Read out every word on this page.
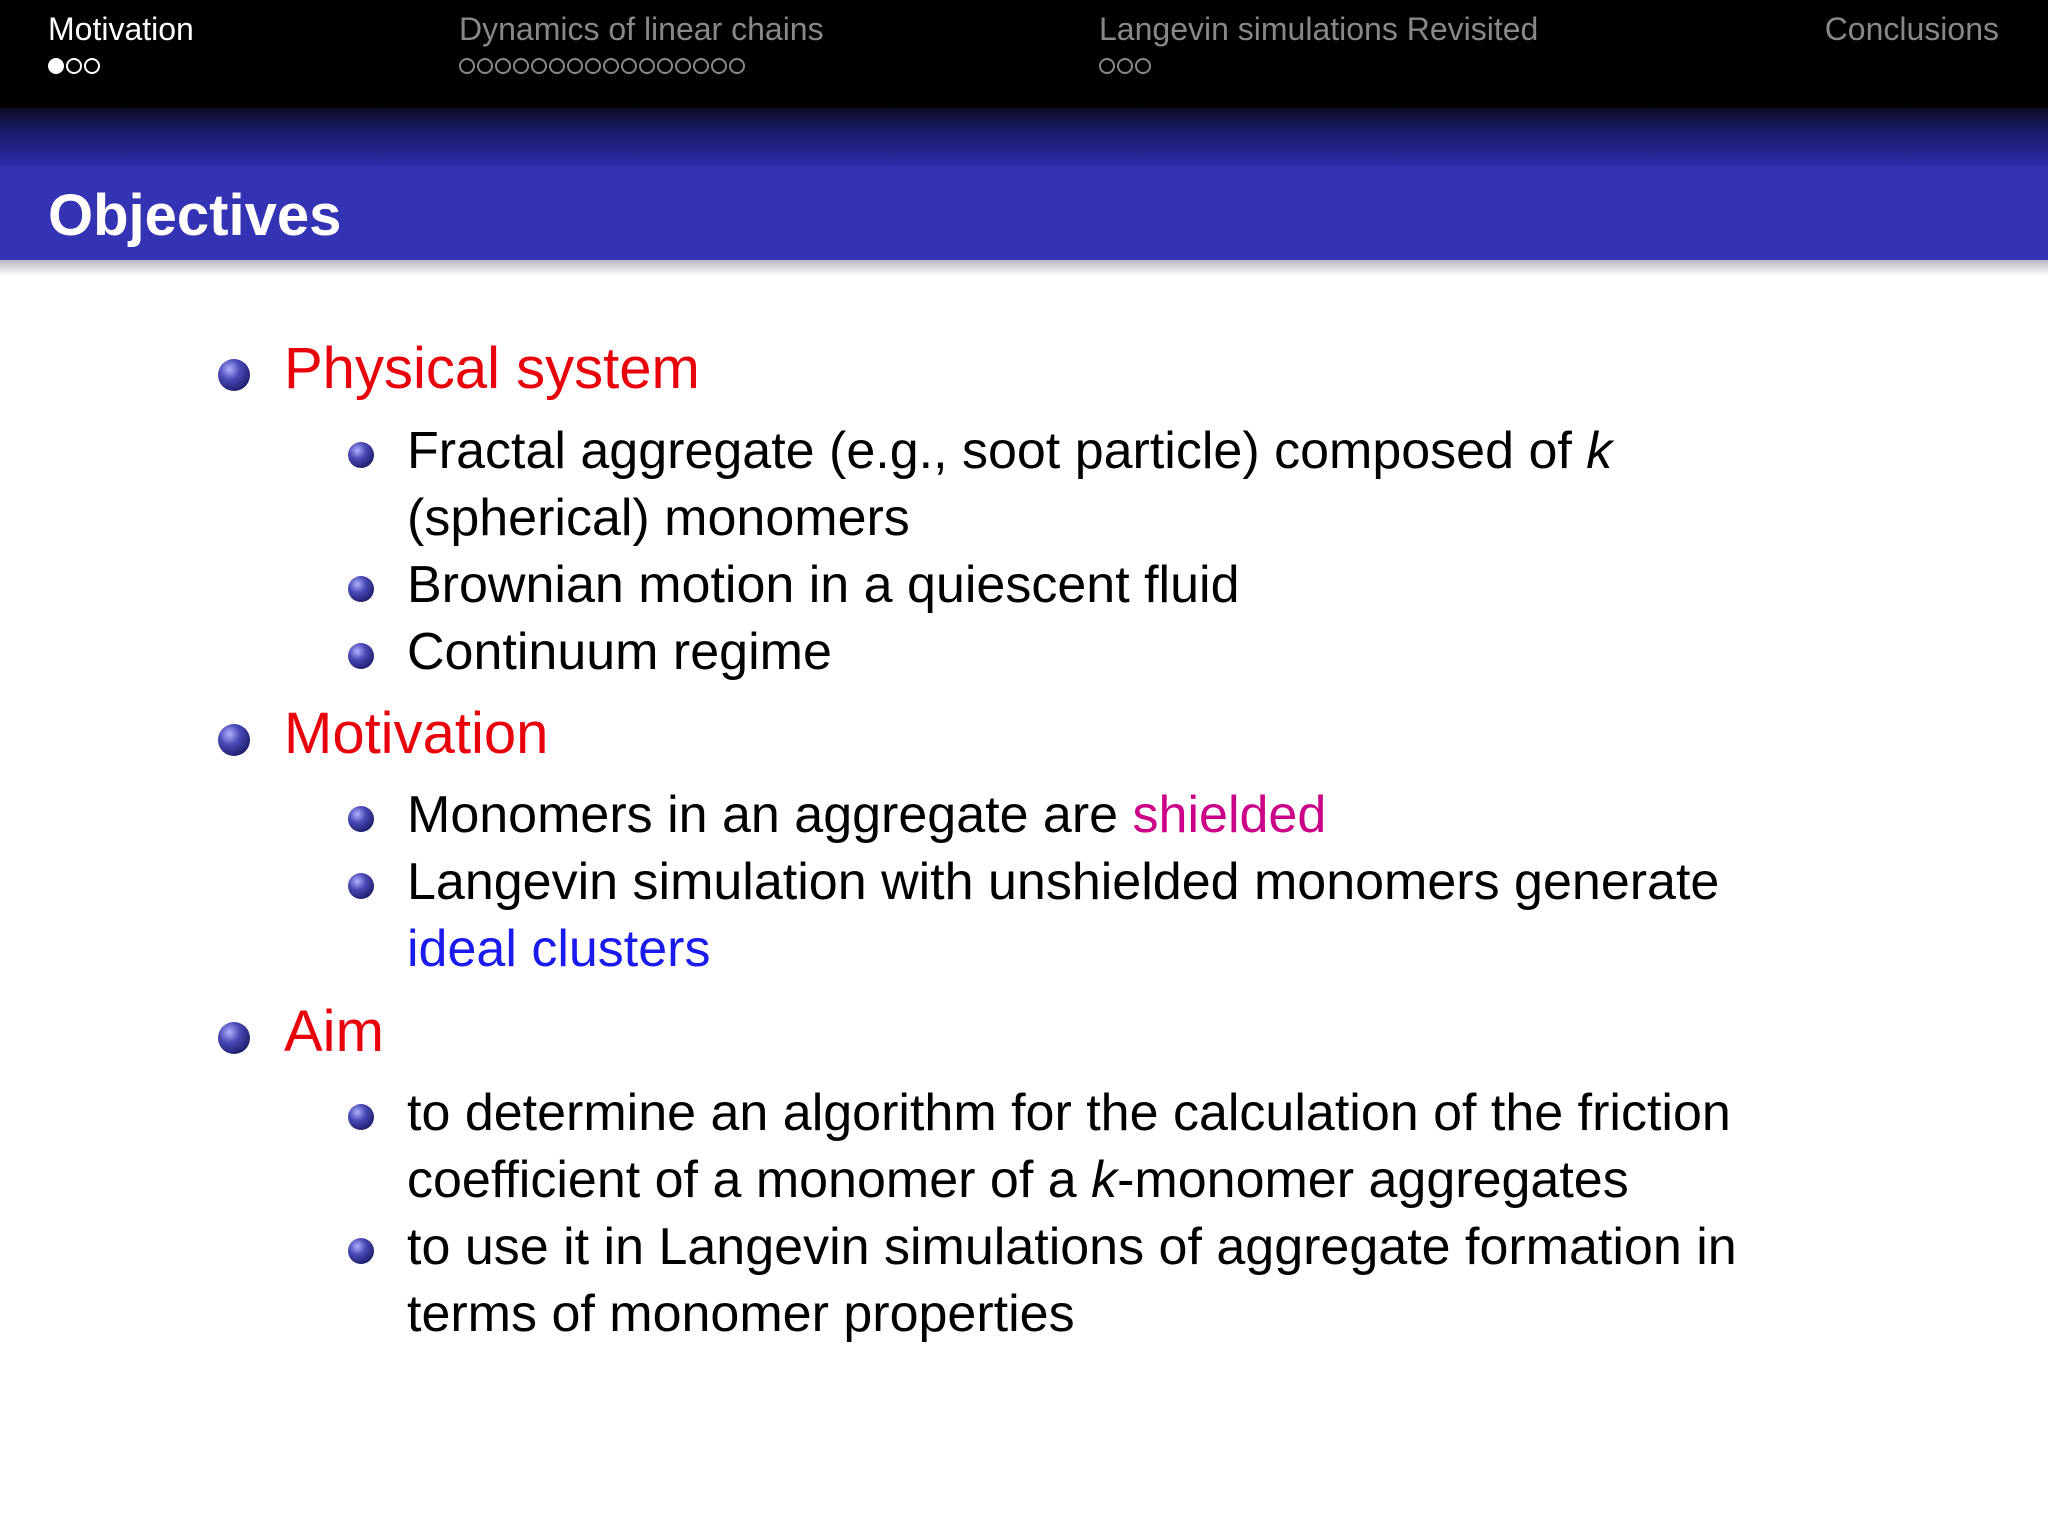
Motivation	Dynamics of linear chains	Langevin simulations Revisited	Conclusions
Objectives
Physical system
Fractal aggregate (e.g., soot particle) composed of k
(spherical) monomers
Brownian motion in a quiescent fluid
Continuum regime
Motivation
Monomers in an aggregate are shielded
Langevin simulation with unshielded monomers generate
ideal clusters
Aim
to determine an algorithm for the calculation of the friction
coefficient of a monomer of a k-monomer aggregates
to use it in Langevin simulations of aggregate formation in
terms of monomer properties
